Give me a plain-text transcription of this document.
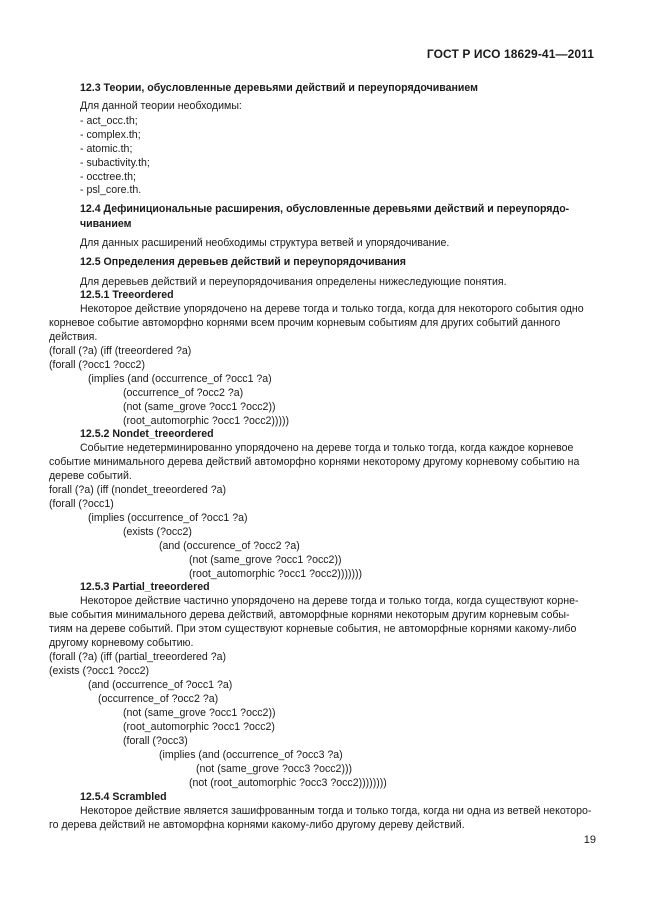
ГОСТ Р ИСО 18629-41—2011
12.3 Теории, обусловленные деревьями действий и переупорядочиванием
Для данной теории необходимы:
- act_occ.th;
- complex.th;
- atomic.th;
- subactivity.th;
- occtree.th;
- psl_core.th.
12.4 Дефинициональные расширения, обусловленные деревьями действий и переупорядо-
чиванием
Для данных расширений необходимы структура ветвей и упорядочивание.
12.5 Определения деревьев действий и переупорядочивания
Для деревьев действий и переупорядочивания определены нижеследующие понятия.
12.5.1 Treeordered
Некоторое действие упорядочено на дереве тогда и только тогда, когда для некоторого события одно
корневое событие автоморфно корнями всем прочим корневым событиям для других событий данного
действия.
(forall (?a) (iff (treeordered ?a)
(forall (?occ1 ?occ2)
(implies (and (occurrence_of ?occ1 ?a)
(occurrence_of ?occ2 ?a)
(not (same_grove ?occ1 ?occ2))
(root_automorphic ?occ1 ?occ2)))))
12.5.2 Nondet_treeordered
Событие недетерминированно упорядочено на дереве тогда и только тогда, когда каждое корневое
событие минимального дерева действий автоморфно корнями некоторому другому корневому событию на
дереве событий.
forall (?a) (iff (nondet_treeordered ?a)
(forall (?occ1)
(implies (occurrence_of ?occ1 ?a)
(exists (?occ2)
(and (occurence_of ?occ2 ?a)
(not (same_grove ?occ1 ?occ2))
(root_automorphic ?occ1 ?occ2)))))))
12.5.3 Partial_treeordered
Некоторое действие частично упорядочено на дереве тогда и только тогда, когда существуют корне-
вые события минимального дерева действий, автоморфные корнями некоторым другим корневым собы-
тиям на дереве событий. При этом существуют корневые события, не автоморфные корнями какому-либо
другому корневому событию.
(forall (?a) (iff (partial_treeordered ?a)
(exists (?occ1 ?occ2)
(and (occurrence_of ?occ1 ?a)
(occurrence_of ?occ2 ?a)
(not (same_grove ?occ1 ?occ2))
(root_automorphic ?occ1 ?occ2)
(forall (?occ3)
(implies (and (occurrence_of ?occ3 ?a)
(not (same_grove ?occ3 ?occ2)))
(not (root_automorphic ?occ3 ?occ2))))))))
12.5.4 Scrambled
Некоторое действие является зашифрованным тогда и только тогда, когда ни одна из ветвей некоторо-
го дерева действий не автоморфна корнями какому-либо другому дереву действий.
19
